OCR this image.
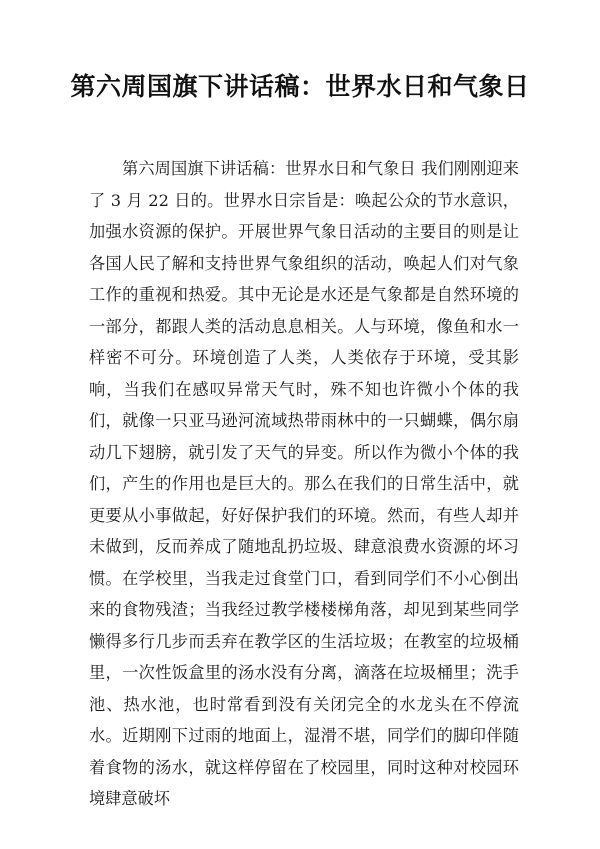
第六周国旗下讲话稿：世界水日和气象日

第六周国旗下讲话稿：世界水日和气象日 我们刚刚迎来了 3 月 22 日的。世界水日宗旨是：唤起公众的节水意识，加强水资源的保护。开展世界气象日活动的主要目的则是让各国人民了解和支持世界气象组织的活动，唤起人们对气象工作的重视和热爱。其中无论是水还是气象都是自然环境的一部分，都跟人类的活动息息相关。人与环境，像鱼和水一样密不可分。环境创造了人类，人类依存于环境，受其影响，当我们在感叹异常天气时，殊不知也许微小个体的我们，就像一只亚马逊河流域热带雨林中的一只蝴蝶，偶尔扇动几下翅膀，就引发了天气的异变。所以作为微小个体的我们，产生的作用也是巨大的。那么在我们的日常生活中，就更要从小事做起，好好保护我们的环境。然而，有些人却并未做到，反而养成了随地乱扔垃圾、肆意浪费水资源的坏习惯。在学校里，当我走过食堂门口，看到同学们不小心倒出来的食物残渣；当我经过教学楼楼梯角落，却见到某些同学懒得多行几步而丢弃在教学区的生活垃圾；在教室的垃圾桶里，一次性饭盒里的汤水没有分离，滴落在垃圾桶里；洗手池、热水池，也时常看到没有关闭完全的水龙头在不停流水。近期刚下过雨的地面上，湿滑不堪，同学们的脚印伴随着食物的汤水，就这样停留在了校园里，同时这种对校园环境肆意破坏
